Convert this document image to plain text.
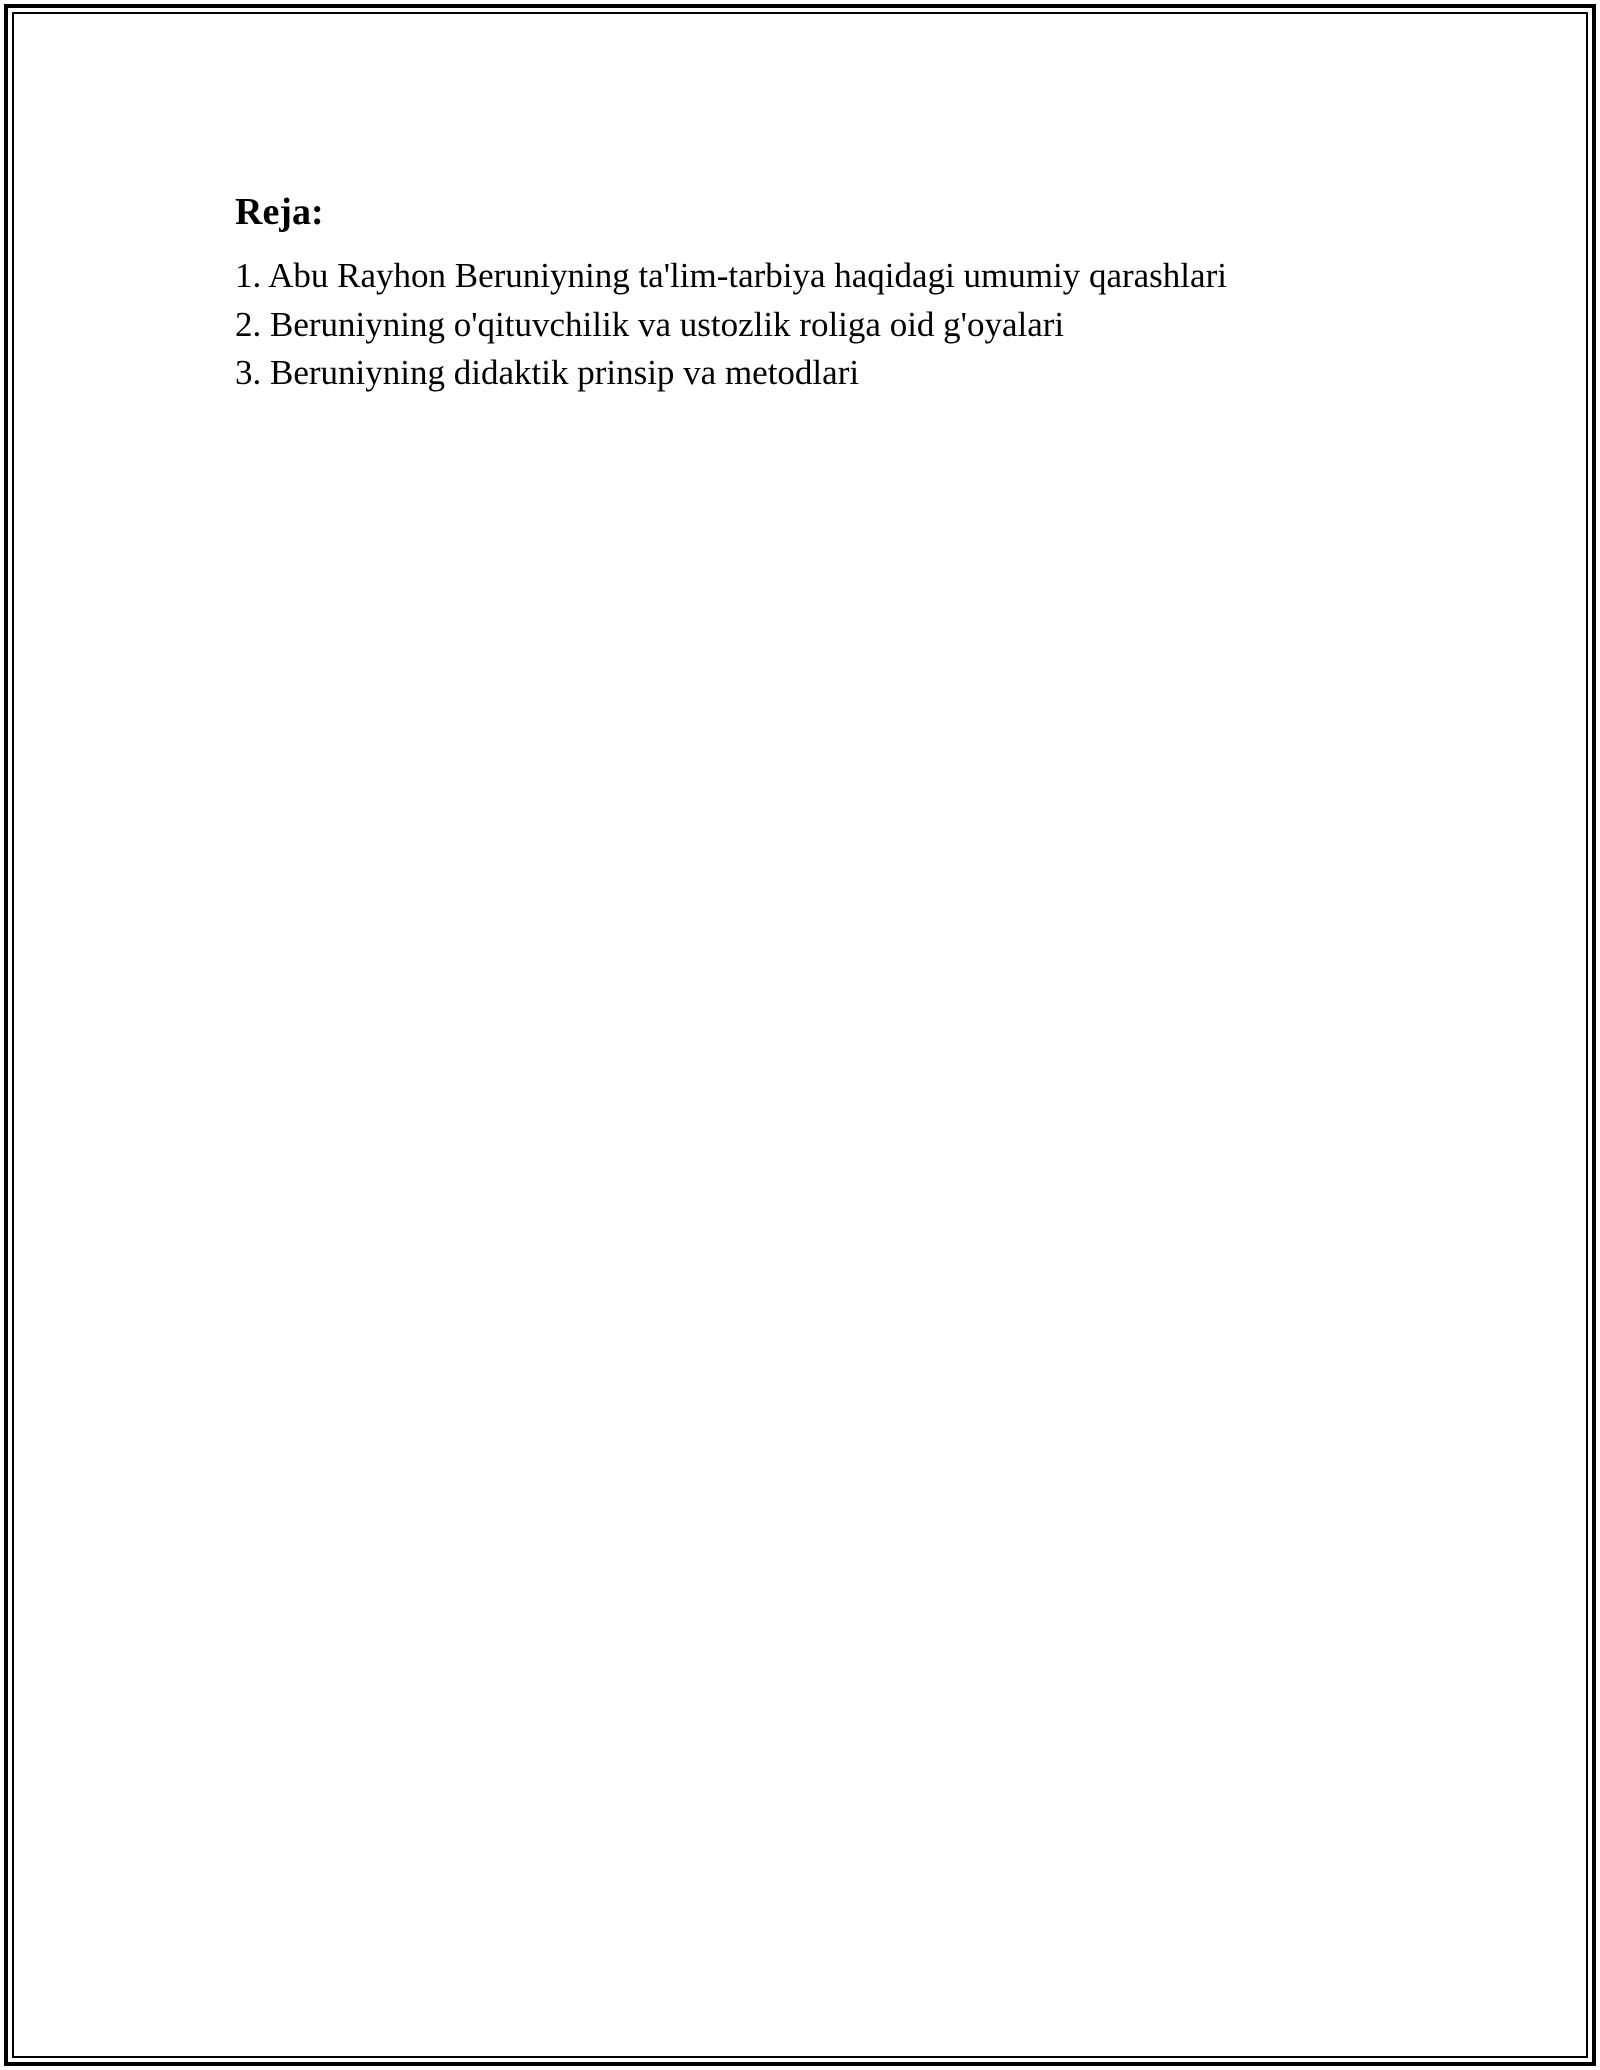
Reja:
1. Abu Rayhon Beruniyning ta'lim-tarbiya haqidagi umumiy qarashlari
2. Beruniyning o'qituvchilik va ustozlik roliga oid g'oyalari
3. Beruniyning didaktik prinsip va metodlari
